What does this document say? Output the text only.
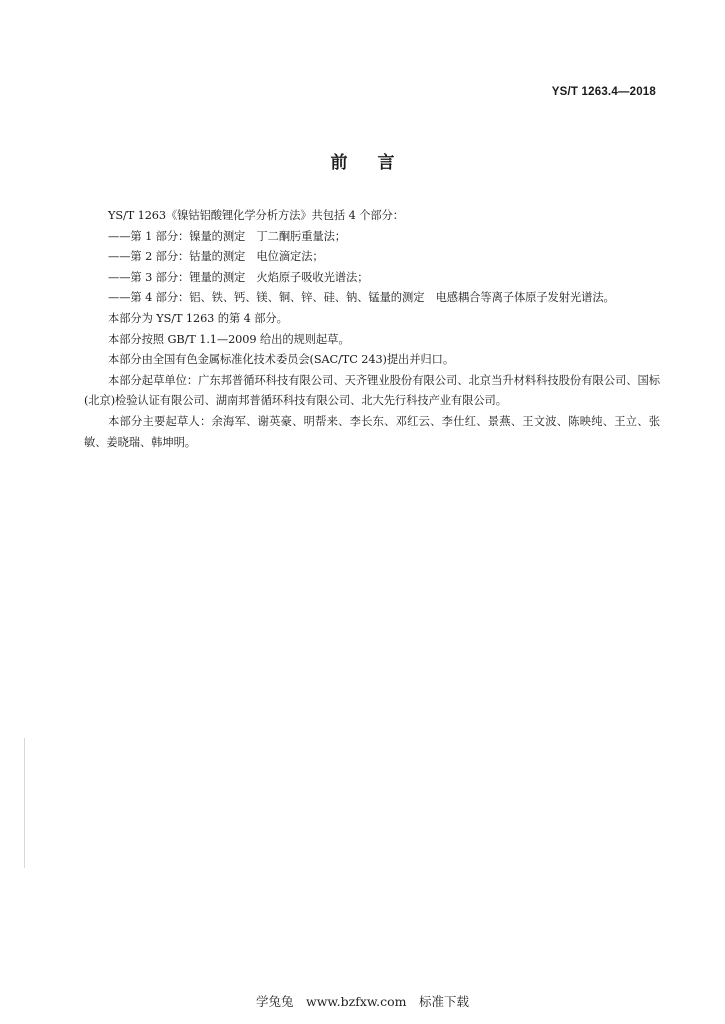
YS/T 1263.4—2018
前言

YS/T 1263《镍钴铝酸锂化学分析方法》共包括 4 个部分：

——第 1 部分：镍量的测定　丁二酮肟重量法；

——第 2 部分：钴量的测定　电位滴定法；

——第 3 部分：锂量的测定　火焰原子吸收光谱法；

——第 4 部分：铝、铁、钙、镁、铜、锌、硅、钠、锰量的测定　电感耦合等离子体原子发射光谱法。

本部分为 YS/T 1263 的第 4 部分。

本部分按照 GB/T 1.1—2009 给出的规则起草。

本部分由全国有色金属标准化技术委员会(SAC/TC 243)提出并归口。

本部分起草单位：广东邦普循环科技有限公司、天齐锂业股份有限公司、北京当升材料科技股份有限公司、国标(北京)检验认证有限公司、湖南邦普循环科技有限公司、北大先行科技产业有限公司。

本部分主要起草人：余海军、谢英豪、明帮来、李长东、邓红云、李仕红、景燕、王文波、陈映纯、王立、张敏、姜晓瑞、韩坤明。

学兔兔　www.bzfxw.com　标准下载
